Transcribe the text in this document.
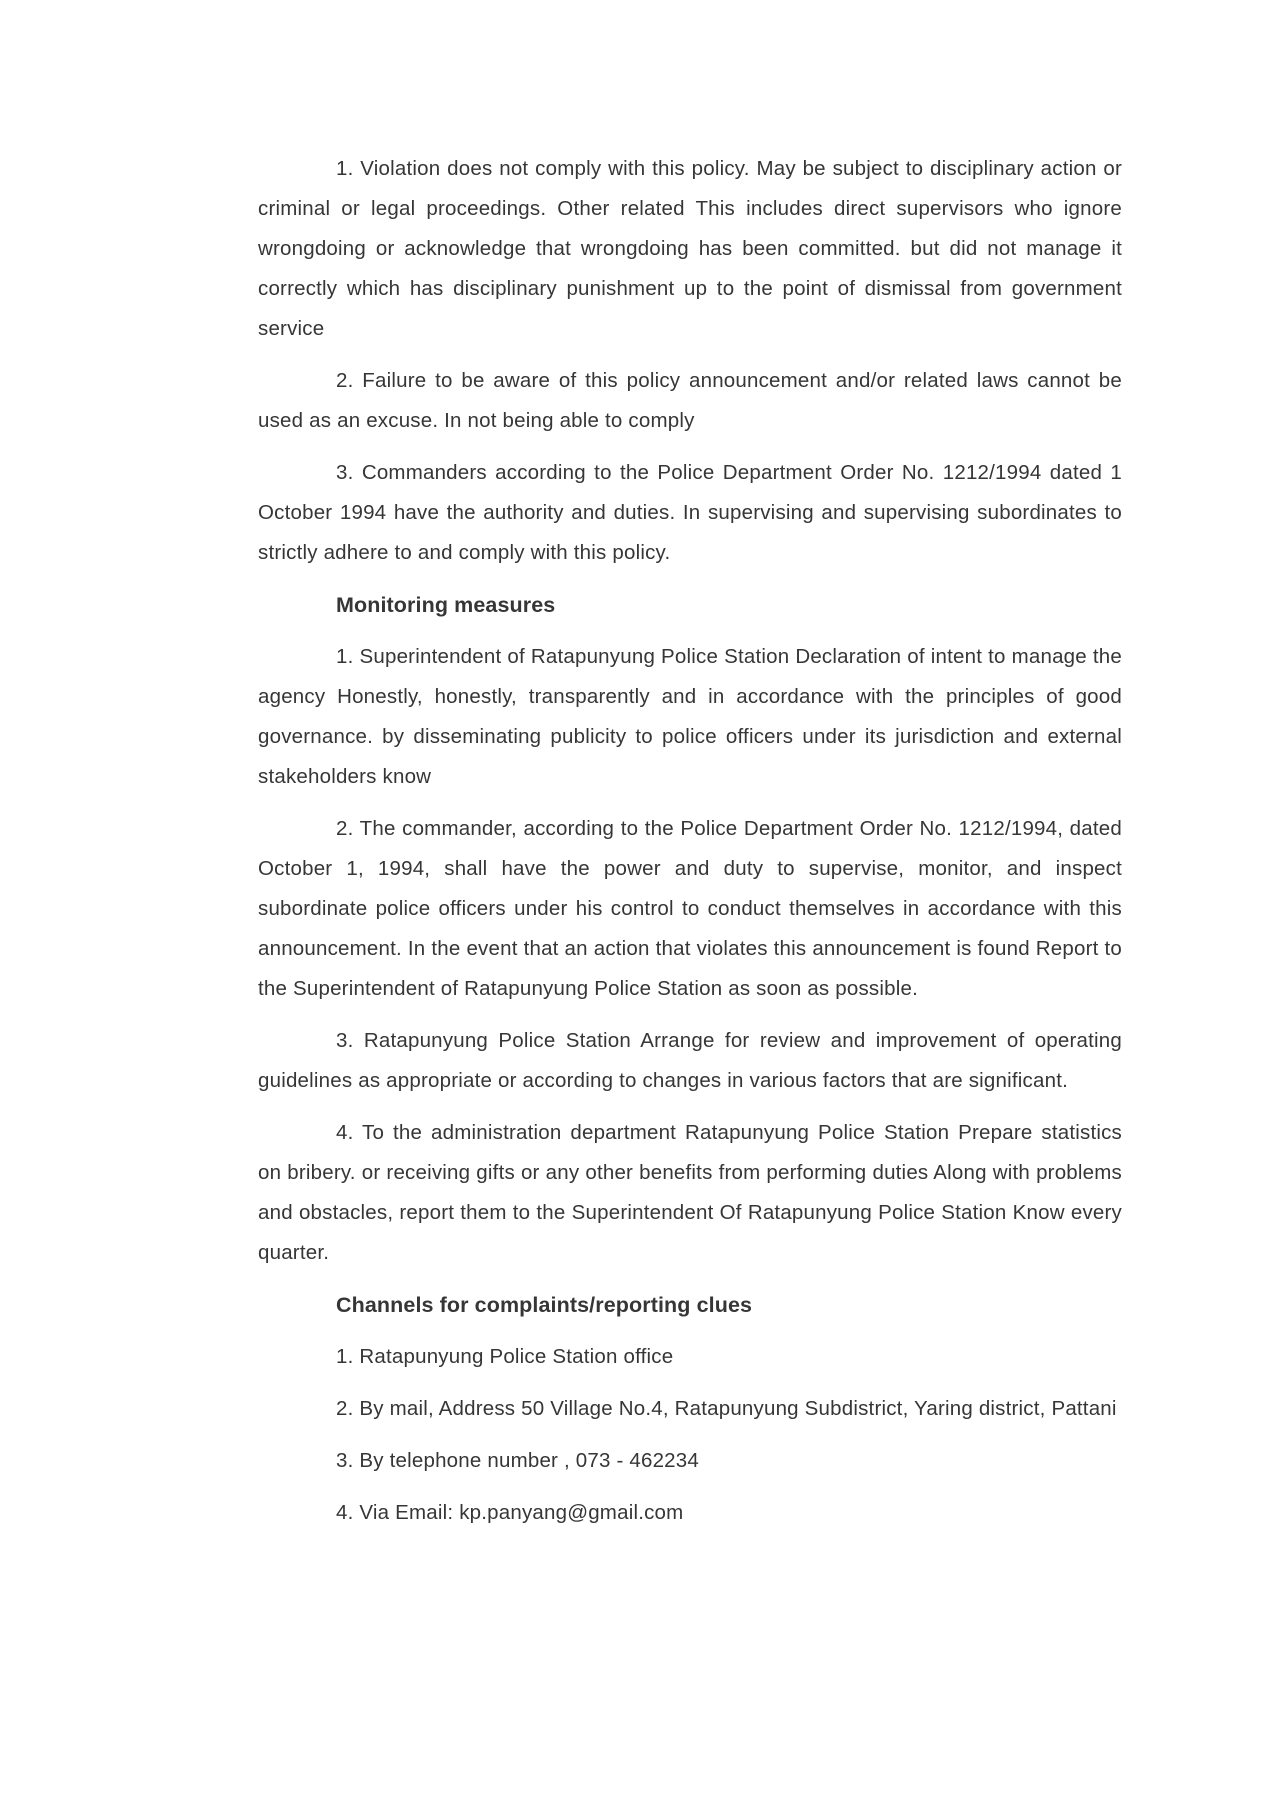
1. Violation does not comply with this policy. May be subject to disciplinary action or criminal or legal proceedings. Other related This includes direct supervisors who ignore wrongdoing or acknowledge that wrongdoing has been committed. but did not manage it correctly which has disciplinary punishment up to the point of dismissal from government service

2. Failure to be aware of this policy announcement and/or related laws cannot be used as an excuse. In not being able to comply

3. Commanders according to the Police Department Order No. 1212/1994 dated 1 October 1994 have the authority and duties. In supervising and supervising subordinates to strictly adhere to and comply with this policy.

Monitoring measures

1. Superintendent of Ratapunyung Police Station Declaration of intent to manage the agency Honestly, honestly, transparently and in accordance with the principles of good governance. by disseminating publicity to police officers under its jurisdiction and external stakeholders know

2. The commander, according to the Police Department Order No. 1212/1994, dated October 1, 1994, shall have the power and duty to supervise, monitor, and inspect subordinate police officers under his control to conduct themselves in accordance with this announcement. In the event that an action that violates this announcement is found Report to the Superintendent of Ratapunyung Police Station as soon as possible.

3. Ratapunyung Police Station Arrange for review and improvement of operating guidelines as appropriate or according to changes in various factors that are significant.

4. To the administration department Ratapunyung Police Station Prepare statistics on bribery. or receiving gifts or any other benefits from performing duties Along with problems and obstacles, report them to the Superintendent Of Ratapunyung Police Station Know every quarter.

Channels for complaints/reporting clues

1. Ratapunyung Police Station office

2. By mail, Address 50 Village No.4, Ratapunyung Subdistrict, Yaring district, Pattani

3. By telephone number , 073 - 462234

4. Via Email: kp.panyang@gmail.com
